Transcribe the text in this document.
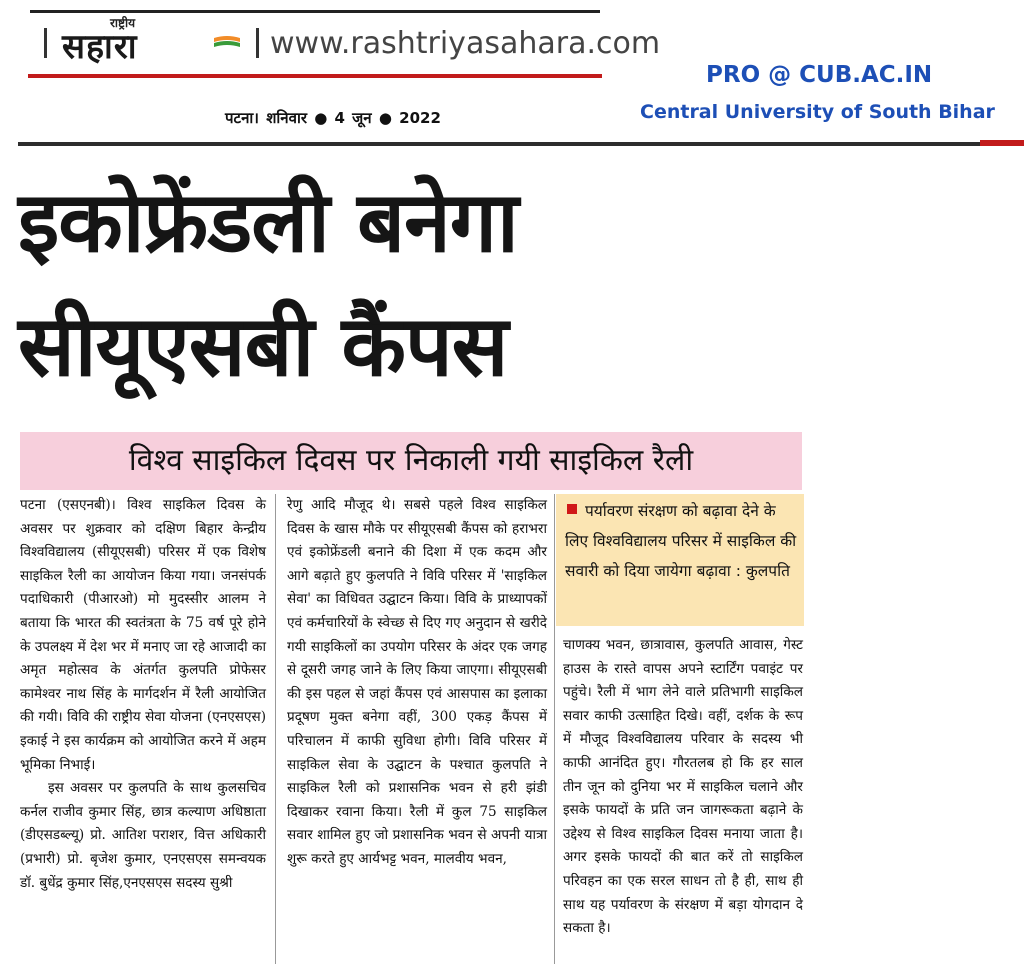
राष्ट्रीय
सहारा	www.rashtriyasahara.com
पटना। शनिवार ● 4 जून ● 2022
PRO @ CUB.AC.IN
Central University of South Bihar
इकोफ्रेंडली बनेगा
सीयूएसबी कैंपस
विश्व साइकिल दिवस पर निकाली गयी साइकिल रैली

पटना (एसएनबी)। विश्व साइकिल दिवस के अवसर पर शुक्रवार को दक्षिण बिहार केन्द्रीय विश्वविद्यालय (सीयूएसबी) परिसर में एक विशेष साइकिल रैली का आयोजन किया गया। जनसंपर्क पदाधिकारी (पीआरओ) मो मुदस्सीर आलम ने बताया कि भारत की स्वतंत्रता के 75 वर्ष पूरे होने के उपलक्ष्य में देश भर में मनाए जा रहे आजादी का अमृत महोत्सव के अंतर्गत कुलपति प्रोफेसर कामेश्वर नाथ सिंह के मार्गदर्शन में रैली आयोजित की गयी। विवि की राष्ट्रीय सेवा योजना (एनएसएस) इकाई ने इस कार्यक्रम को आयोजित करने में अहम भूमिका निभाई।

इस अवसर पर कुलपति के साथ कुलसचिव कर्नल राजीव कुमार सिंह, छात्र कल्याण अधिष्ठाता (डीएसडब्ल्यू) प्रो. आतिश पराशर, वित्त अधिकारी (प्रभारी) प्रो. बृजेश कुमार, एनएसएस समन्वयक डॉ. बुधेंद्र कुमार सिंह,एनएसएस सदस्य सुश्री

रेणु आदि मौजूद थे। सबसे पहले विश्व साइकिल दिवस के खास मौके पर सीयूएसबी कैंपस को हराभरा एवं इकोफ्रेंडली बनाने की दिशा में एक कदम और आगे बढ़ाते हुए कुलपति ने विवि परिसर में 'साइकिल सेवा' का विधिवत उद्घाटन किया। विवि के प्राध्यापकों एवं कर्मचारियों के स्वेच्छ से दिए गए अनुदान से खरीदे गयी साइकिलों का उपयोग परिसर के अंदर एक जगह से दूसरी जगह जाने के लिए किया जाएगा। सीयूएसबी की इस पहल से जहां कैंपस एवं आसपास का इलाका प्रदूषण मुक्त बनेगा वहीं, 300 एकड़ कैंपस में परिचालन में काफी सुविधा होगी। विवि परिसर में साइकिल सेवा के उद्घाटन के पश्चात कुलपति ने साइकिल रैली को प्रशासनिक भवन से हरी झंडी दिखाकर रवाना किया। रैली में कुल 75 साइकिल सवार शामिल हुए जो प्रशासनिक भवन से अपनी यात्रा शुरू करते हुए आर्यभट्ट भवन, मालवीय भवन,

पर्यावरण संरक्षण को बढ़ावा देने के लिए विश्वविद्यालय परिसर में साइकिल की सवारी को दिया जायेगा बढ़ावा : कुलपति

चाणक्य भवन, छात्रावास, कुलपति आवास, गेस्ट हाउस के रास्ते वापस अपने स्टार्टिंग पवाइंट पर पहुंचे। रैली में भाग लेने वाले प्रतिभागी साइकिल सवार काफी उत्साहित दिखे। वहीं, दर्शक के रूप में मौजूद विश्वविद्यालय परिवार के सदस्य भी काफी आनंदित हुए। गौरतलब हो कि हर साल तीन जून को दुनिया भर में साइकिल चलाने और इसके फायदों के प्रति जन जागरूकता बढ़ाने के उद्देश्य से विश्व साइकिल दिवस मनाया जाता है। अगर इसके फायदों की बात करें तो साइकिल परिवहन का एक सरल साधन तो है ही, साथ ही साथ यह पर्यावरण के संरक्षण में बड़ा योगदान दे सकता है।
